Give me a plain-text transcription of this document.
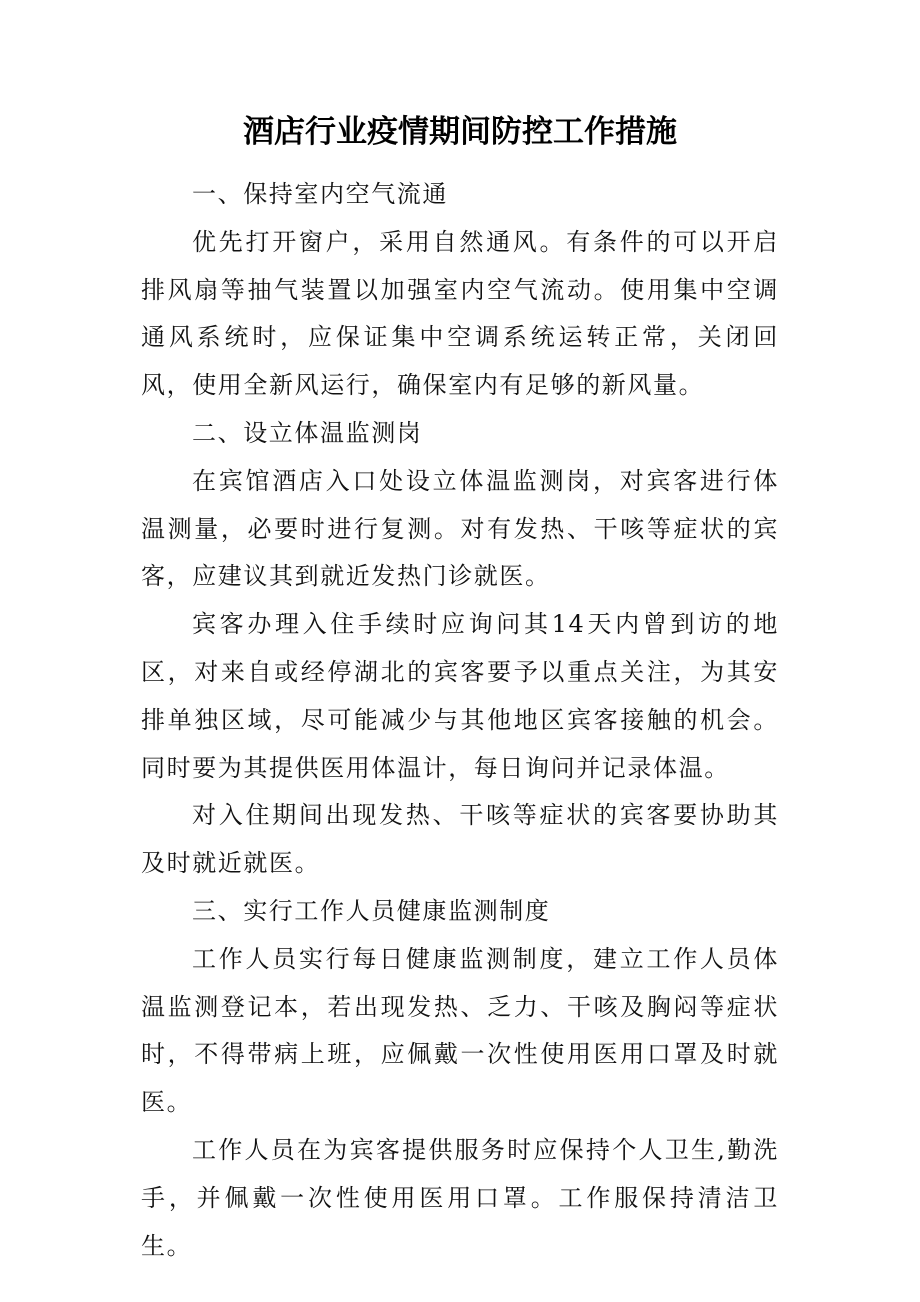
酒店行业疫情期间防控工作措施

一、保持室内空气流通

优先打开窗户，采用自然通风。有条件的可以开启排风扇等抽气装置以加强室内空气流动。使用集中空调通风系统时，应保证集中空调系统运转正常，关闭回风，使用全新风运行，确保室内有足够的新风量。

二、设立体温监测岗

在宾馆酒店入口处设立体温监测岗，对宾客进行体温测量，必要时进行复测。对有发热、干咳等症状的宾客，应建议其到就近发热门诊就医。

宾客办理入住手续时应询问其14天内曾到访的地区，对来自或经停湖北的宾客要予以重点关注，为其安排单独区域，尽可能减少与其他地区宾客接触的机会。同时要为其提供医用体温计，每日询问并记录体温。

对入住期间出现发热、干咳等症状的宾客要协助其及时就近就医。

三、实行工作人员健康监测制度

工作人员实行每日健康监测制度，建立工作人员体温监测登记本，若出现发热、乏力、干咳及胸闷等症状时，不得带病上班，应佩戴一次性使用医用口罩及时就医。

工作人员在为宾客提供服务时应保持个人卫生,勤洗手，并佩戴一次性使用医用口罩。工作服保持清洁卫生。
